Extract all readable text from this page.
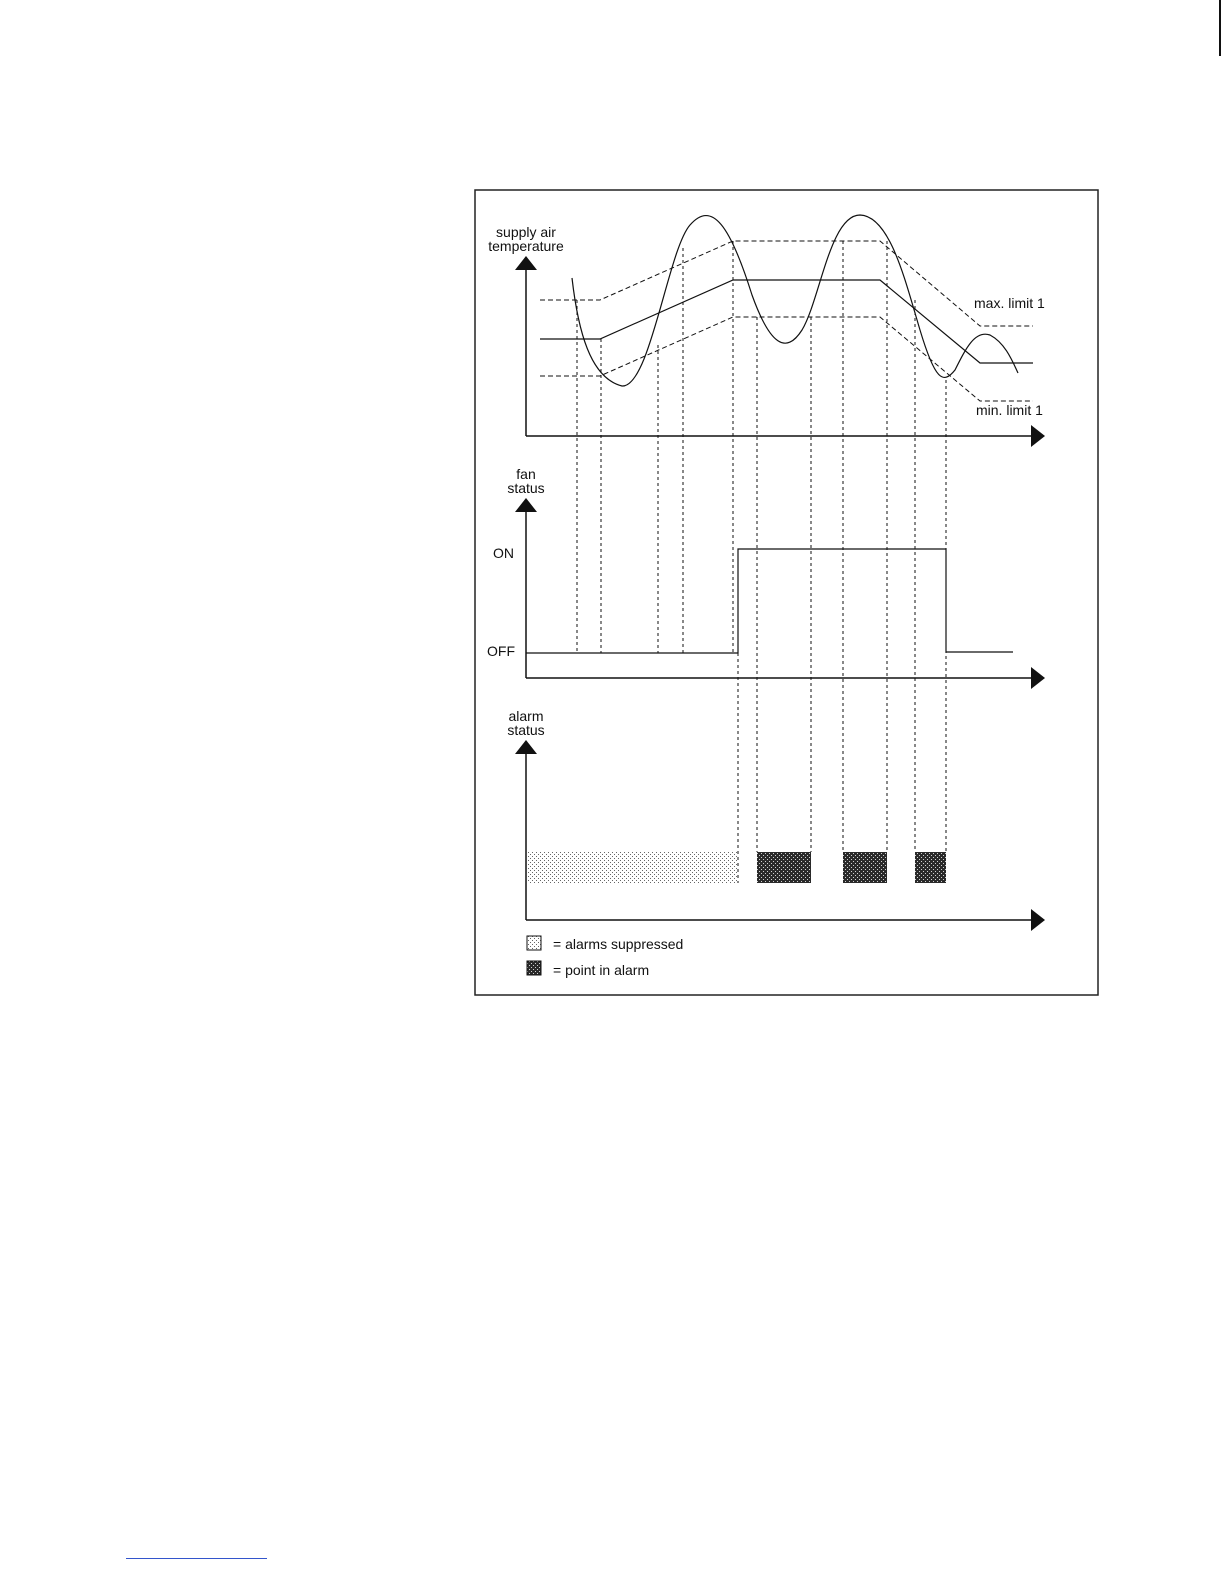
supply air
temperature
max. limit 1
min. limit 1
fan
status
ON
OFF
alarm
status
= alarms suppressed
= point in alarm
